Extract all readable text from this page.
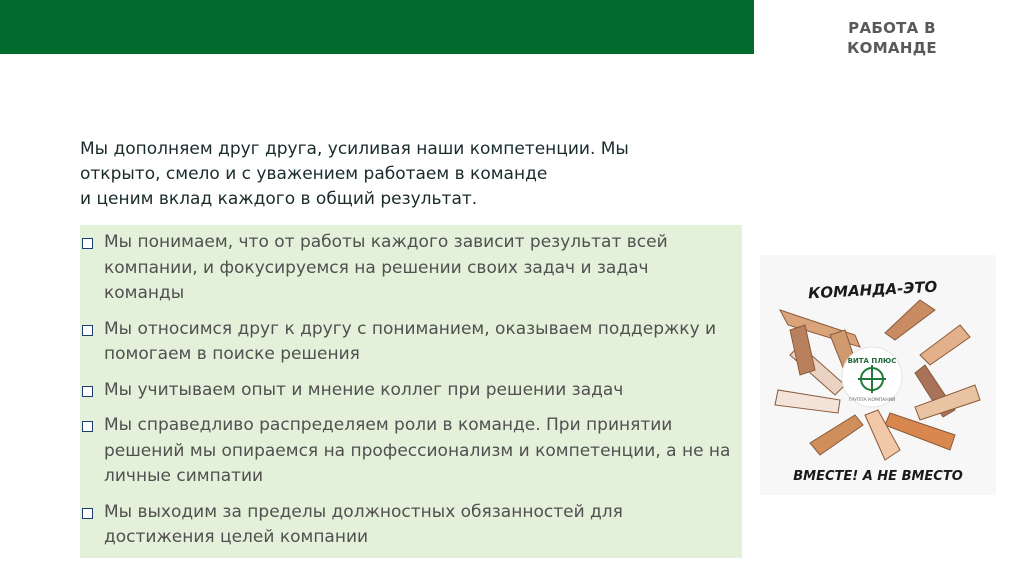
РАБОТА В
КОМАНДЕ

Мы дополняем друг друга, усиливая наши компетенции. Мы

открыто, смело и с уважением работаем в команде

и ценим вклад каждого в общий результат.

Мы понимаем, что от работы каждого зависит результат всей компании, и фокусируемся на решении своих задач и задач команды
Мы относимся друг к другу с пониманием, оказываем поддержку и помогаем в поиске решения
Мы учитываем опыт и мнение коллег при решении задач
Мы справедливо распределяем роли в команде. При принятии решений мы опираемся на профессионализм и компетенции, а не на личные симпатии
Мы выходим за пределы должностных обязанностей для достижения целей компании
КОМАНДА-ЭТО
ВИТА ПЛЮС
ГРУППА КОМПАНИЙ
ВМЕСТЕ! А НЕ ВМЕСТО
